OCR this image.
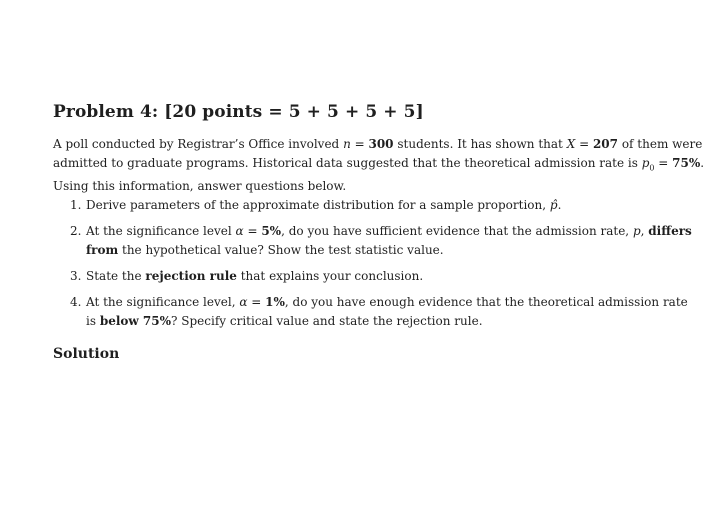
Problem 4: [20 points = 5 + 5 + 5 + 5]
A poll conducted by Registrar’s Office involved n = 300 students. It has shown that X = 207 of them were
admitted to graduate programs. Historical data suggested that the theoretical admission rate is $p_0 = 75\%$.
Using this information, answer questions below.
1. Derive parameters of the approximate distribution for a sample proportion, p̂.
2. At the significance level α = 5%, do you have sufficient evidence that the admission rate, p, differs
from the hypothetical value? Show the test statistic value.
3. State the rejection rule that explains your conclusion.
4. At the significance level, α = 1%, do you have enough evidence that the theoretical admission rate
is below 75%? Specify critical value and state the rejection rule.
Solution
